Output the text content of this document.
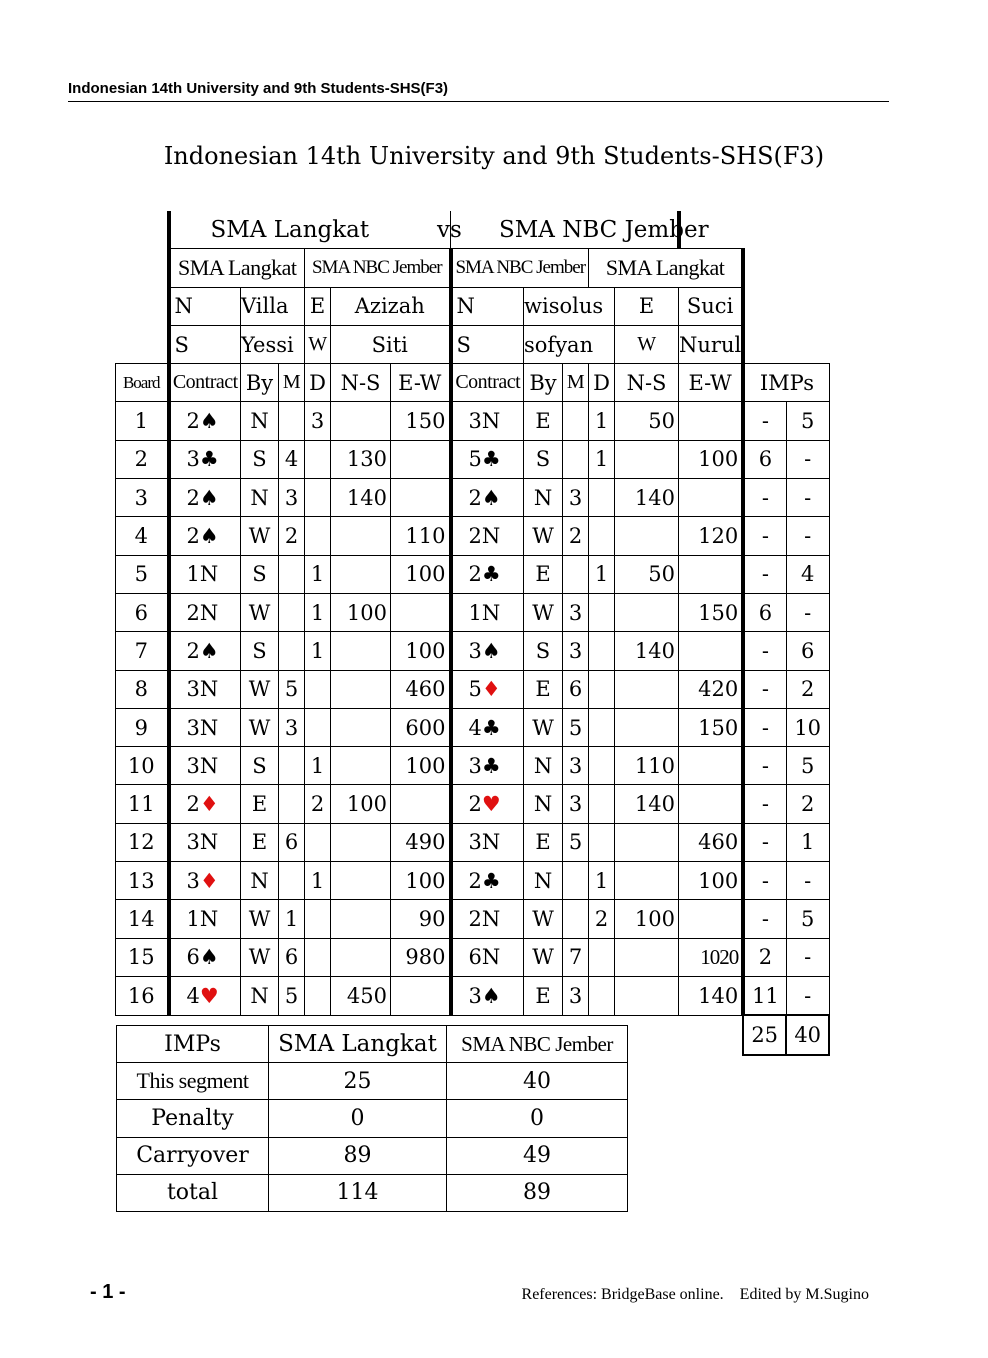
Indonesian 14th University and 9th Students-SHS(F3)
Indonesian 14th University and 9th Students-SHS(F3)
	SMA Langkat						vs SMA NBC Jember							

	SMA Langkat			SMA NBC Jember			SMA NBC Jember			SMA Langkat				
	N	Villa		E	Azizah		N	wisolus			E	Suci		
	S	Yessi		W	Siti		S	sofyan			W	Nurul		
Board	Contract	By	M	D	N-S	E-W	Contract	By	M	D	N-S	E-W	IMPs	
1	2♠	N		3		150	3N	E		1	50		-	5
2	3♣	S	4		130		5♣	S		1		100	6	-
3	2♠	N	3		140		2♠	N	3		140		-	-
4	2♠	W	2			110	2N	W	2			120	-	-
5	1N	S		1		100	2♣	E		1	50		-	4
6	2N	W		1	100		1N	W	3			150	6	-
7	2♠	S		1		100	3♠	S	3		140		-	6
8	3N	W	5			460	5♦	E	6			420	-	2
9	3N	W	3			600	4♣	W	5			150	-	10
10	3N	S		1		100	3♣	N	3		110		-	5
11	2♦	E		2	100		2♥	N	3		140		-	2
12	3N	E	6			490	3N	E	5			460	-	1
13	3♦	N		1		100	2♣	N		1		100	-	-
14	1N	W	1			90	2N	W		2	100		-	5
15	6♠	W	6			980	6N	W	7			1020	2	-
16	4♥	N	5		450		3♠	E	3			140	11	-
													25	40
IMPs	SMA Langkat	SMA NBC Jember
This segment	25	40
Penalty	0	0
Carryover	89	49
total	114	89
- 1 -	References: BridgeBase online.    Edited by M.Sugino
